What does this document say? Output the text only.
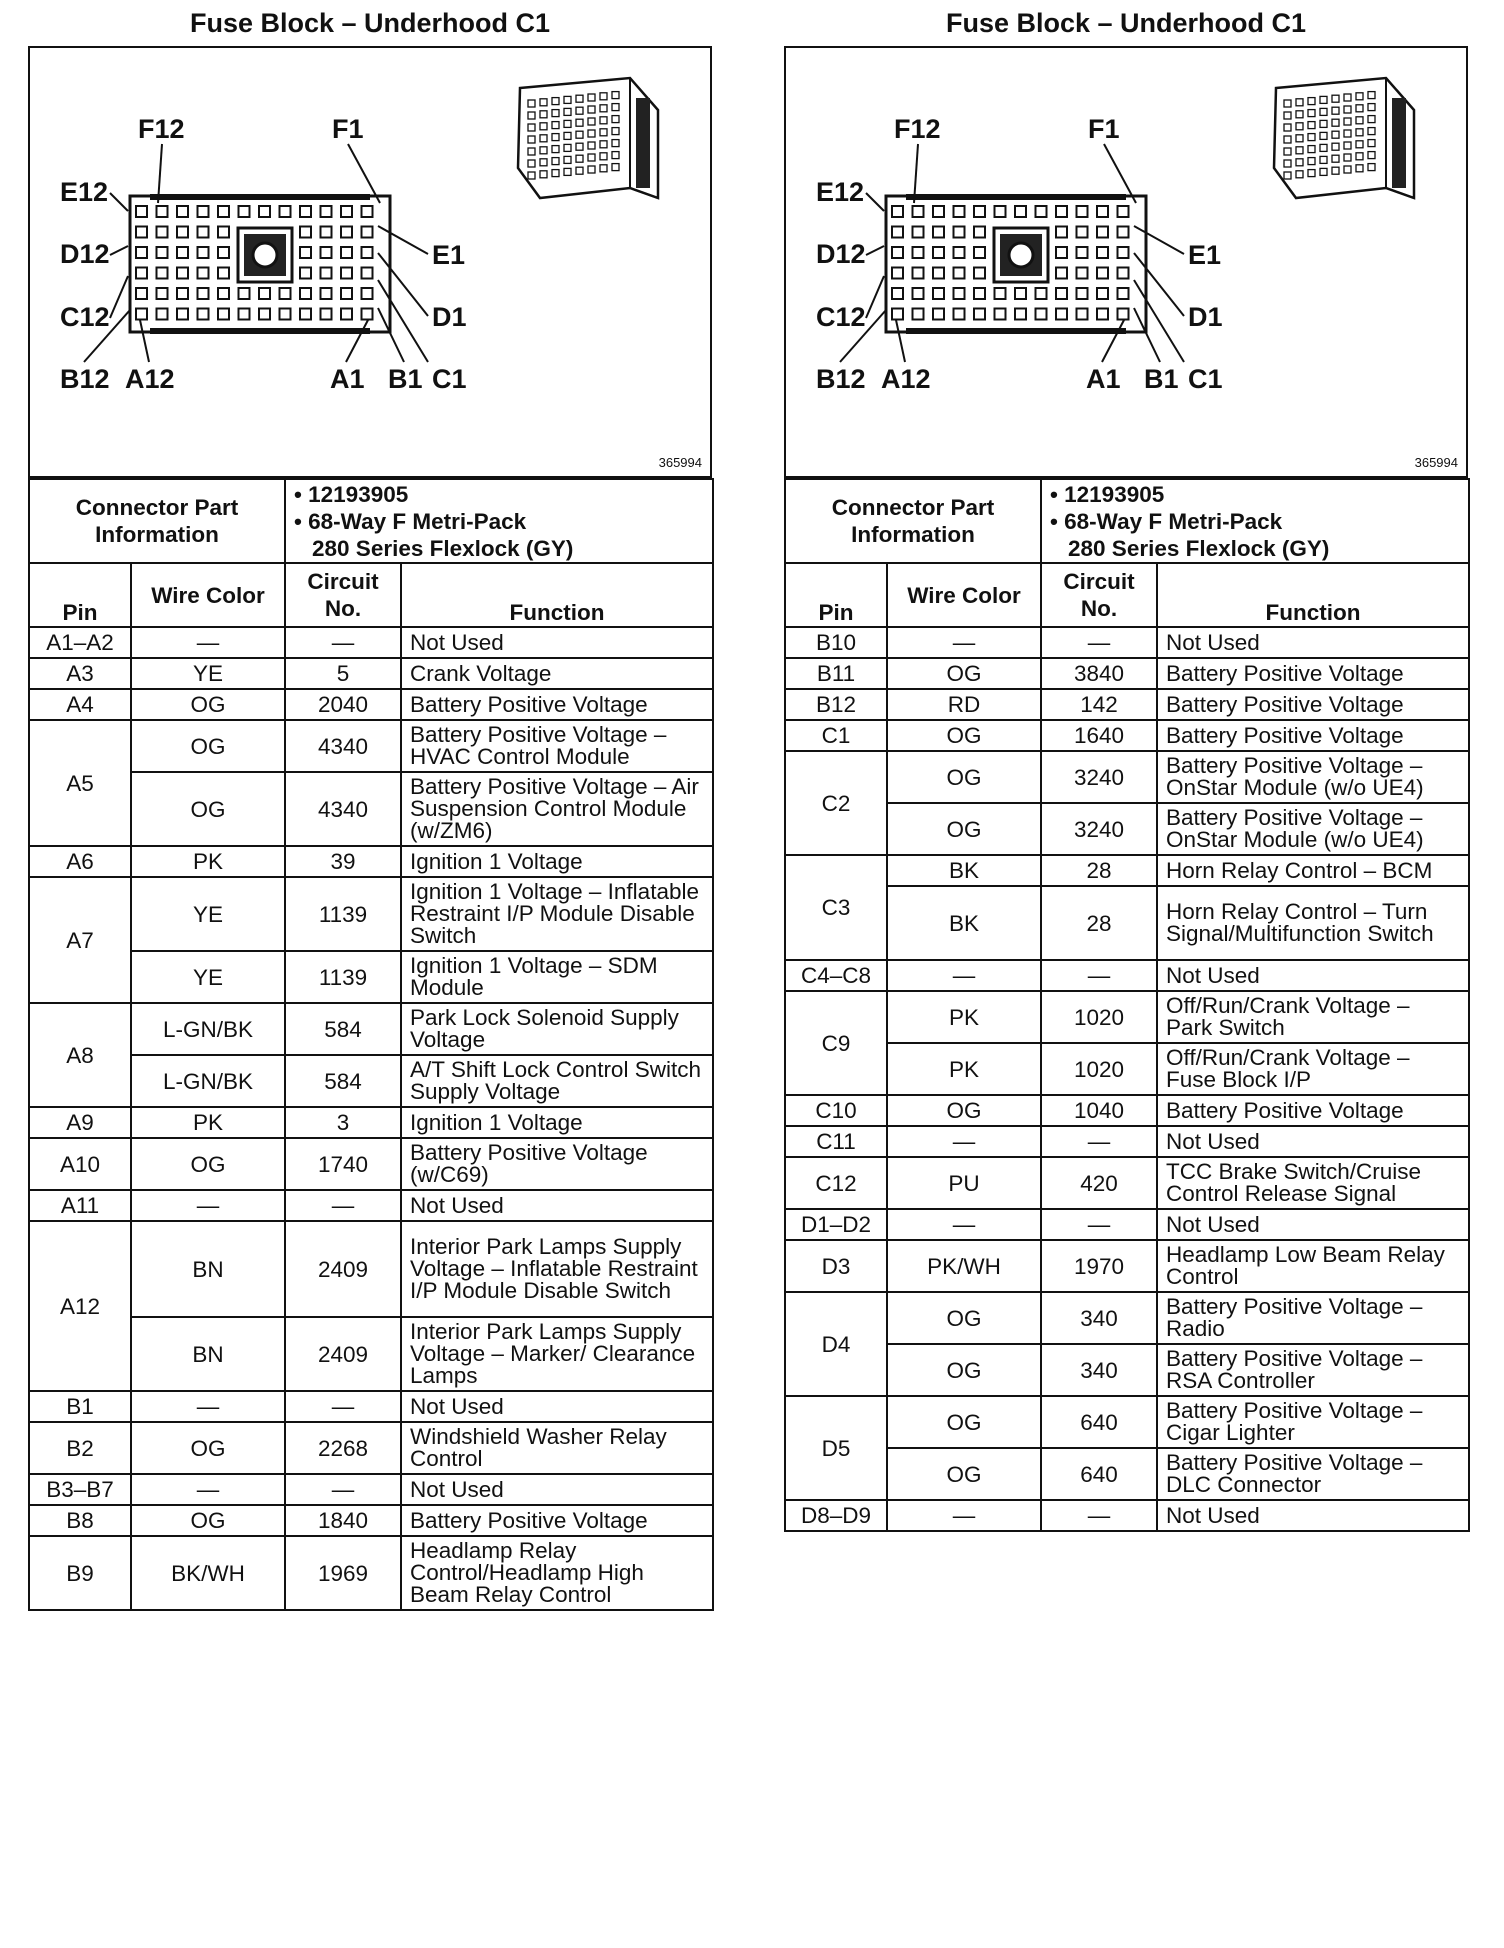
Fuse Block – Underhood C1
F12	F1
E12
E1
D12
D1
C12
C1
B12 A12	A1 B1
365994
Connector Part Information		• 12193905
• 68-Way F Metri-Pack
280 Series Flexlock (GY)	

Pin	Wire Color	Circuit No.	Function
A1–A2	—	—	Not Used
A3	YE	5	Crank Voltage
A4	OG	2040	Battery Positive Voltage
A5	OG	4340	Battery Positive Voltage – HVAC Control Module
	OG	4340	Battery Positive Voltage – Air Suspension Control Module (w/ZM6)
A6	PK	39	Ignition 1 Voltage
A7	YE	1139	Ignition 1 Voltage – Inflatable Restraint I/P Module Disable Switch
	YE	1139	Ignition 1 Voltage – SDM Module
A8	L-GN/BK	584	Park Lock Solenoid Supply Voltage
	L-GN/BK	584	A/T Shift Lock Control Switch Supply Voltage
A9	PK	3	Ignition 1 Voltage
A10	OG	1740	Battery Positive Voltage (w/C69)
A11	—	—	Not Used
A12	BN	2409	Interior Park Lamps Supply Voltage – Inflatable Restraint I/P Module Disable Switch
	BN	2409	Interior Park Lamps Supply Voltage – Marker/ Clearance Lamps
B1	—	—	Not Used
B2	OG	2268	Windshield Washer Relay Control
B3–B7	—	—	Not Used
B8	OG	1840	Battery Positive Voltage
B9	BK/WH	1969	Headlamp Relay Control/Headlamp High Beam Relay Control
Fuse Block – Underhood C1
F12	F1
E12
E1
D12
D1
C12
C1
B12 A12	A1 B1
365994
Connector Part Information		• 12193905
• 68-Way F Metri-Pack
280 Series Flexlock (GY)	

Pin	Wire Color	Circuit No.	Function
B10	—	—	Not Used
B11	OG	3840	Battery Positive Voltage
B12	RD	142	Battery Positive Voltage
C1	OG	1640	Battery Positive Voltage
C2	OG	3240	Battery Positive Voltage – OnStar Module (w/o UE4)
	OG	3240	Battery Positive Voltage – OnStar Module (w/o UE4)
C3	BK	28	Horn Relay Control – BCM
	BK	28	Horn Relay Control – Turn Signal/Multifunction Switch
C4–C8	—	—	Not Used
C9	PK	1020	Off/Run/Crank Voltage – Park Switch
	PK	1020	Off/Run/Crank Voltage – Fuse Block I/P
C10	OG	1040	Battery Positive Voltage
C11	—	—	Not Used
C12	PU	420	TCC Brake Switch/Cruise Control Release Signal
D1–D2	—	—	Not Used
D3	PK/WH	1970	Headlamp Low Beam Relay Control
D4	OG	340	Battery Positive Voltage – Radio
	OG	340	Battery Positive Voltage – RSA Controller
D5	OG	640	Battery Positive Voltage – Cigar Lighter
	OG	640	Battery Positive Voltage – DLC Connector
D8–D9	—	—	Not Used
